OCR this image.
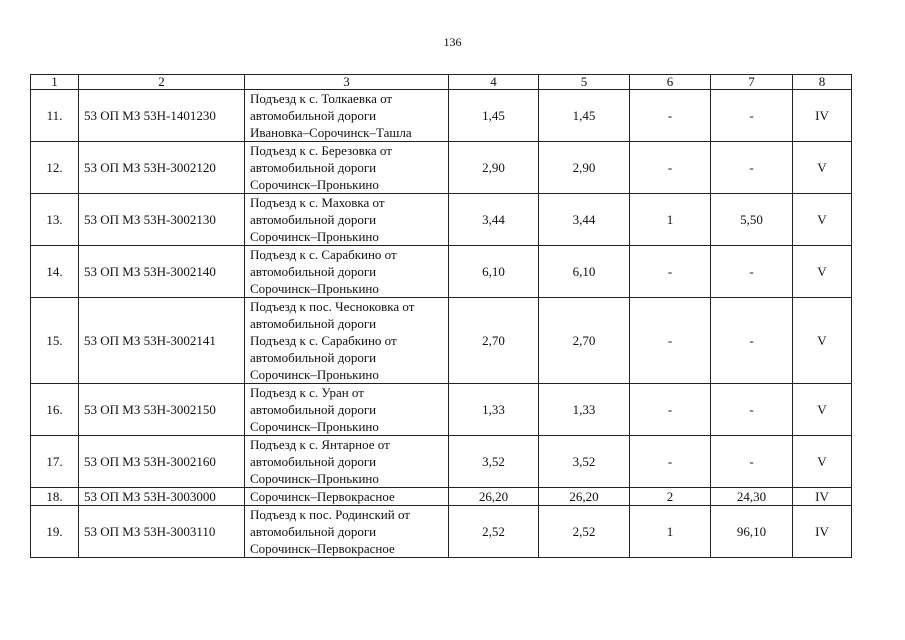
136
1	2	3	4	5	6	7	8
11.	53 ОП МЗ 53Н-1401230	Подъезд к с. Толкаевка от
автомобильной дороги
Ивановка–Сорочинск–Ташла	1,45	1,45	-	-	IV
12.	53 ОП МЗ 53Н-3002120	Подъезд к с. Березовка от
автомобильной дороги
Сорочинск–Пронькино	2,90	2,90	-	-	V
13.	53 ОП МЗ 53Н-3002130	Подъезд к с. Маховка от
автомобильной дороги
Сорочинск–Пронькино	3,44	3,44	1	5,50	V
14.	53 ОП МЗ 53Н-3002140	Подъезд к с. Сарабкино от
автомобильной дороги
Сорочинск–Пронькино	6,10	6,10	-	-	V
15.	53 ОП МЗ 53Н-3002141	Подъезд к пос. Чесноковка от
автомобильной дороги
Подъезд к с. Сарабкино от
автомобильной дороги
Сорочинск–Пронькино	2,70	2,70	-	-	V
16.	53 ОП МЗ 53Н-3002150	Подъезд к с. Уран от
автомобильной дороги
Сорочинск–Пронькино	1,33	1,33	-	-	V
17.	53 ОП МЗ 53Н-3002160	Подъезд к с. Янтарное от
автомобильной дороги
Сорочинск–Пронькино	3,52	3,52	-	-	V
18.	53 ОП МЗ 53Н-3003000	Сорочинск–Первокрасное	26,20	26,20	2	24,30	IV
19.	53 ОП МЗ 53Н-3003110	Подъезд к пос. Родинский от
автомобильной дороги
Сорочинск–Первокрасное	2,52	2,52	1	96,10	IV
